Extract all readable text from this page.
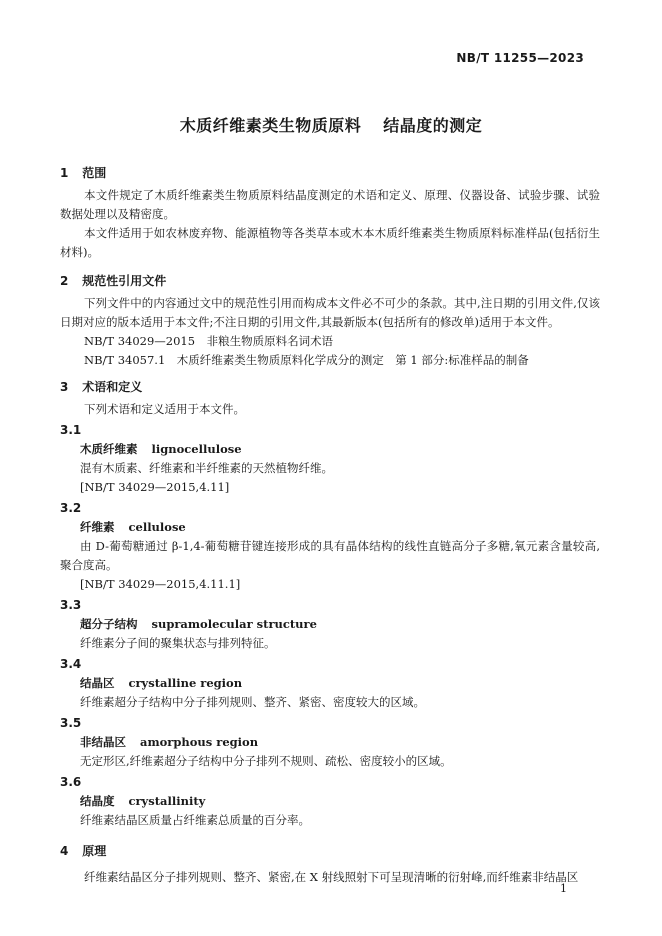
NB/T 11255—2023
木质纤维素类生物质原料 结晶度的测定
1 范围
本文件规定了木质纤维素类生物质原料结晶度测定的术语和定义、原理、仪器设备、试验步骤、试验数据处理以及精密度。
本文件适用于如农林废弃物、能源植物等各类草本或木本木质纤维素类生物质原料标准样品(包括衍生材料)。
2 规范性引用文件
下列文件中的内容通过文中的规范性引用而构成本文件必不可少的条款。其中,注日期的引用文件,仅该日期对应的版本适用于本文件;不注日期的引用文件,其最新版本(包括所有的修改单)适用于本文件。
NB/T 34029—2015　非粮生物质原料名词术语
NB/T 34057.1　木质纤维素类生物质原料化学成分的测定　第 1 部分:标准样品的制备
3 术语和定义
下列术语和定义适用于本文件。
3.1
木质纤维素 lignocellulose
混有木质素、纤维素和半纤维素的天然植物纤维。
[NB/T 34029—2015,4.11]
3.2
纤维素 cellulose
由 D-葡萄糖通过 β-1,4-葡萄糖苷键连接形成的具有晶体结构的线性直链高分子多糖,氧元素含量较高,聚合度高。
[NB/T 34029—2015,4.11.1]
3.3
超分子结构 supramolecular structure
纤维素分子间的聚集状态与排列特征。
3.4
结晶区 crystalline region
纤维素超分子结构中分子排列规则、整齐、紧密、密度较大的区域。
3.5
非结晶区 amorphous region
无定形区,纤维素超分子结构中分子排列不规则、疏松、密度较小的区域。
3.6
结晶度 crystallinity
纤维素结晶区质量占纤维素总质量的百分率。
4 原理
纤维素结晶区分子排列规则、整齐、紧密,在 X 射线照射下可呈现清晰的衍射峰,而纤维素非结晶区
1
